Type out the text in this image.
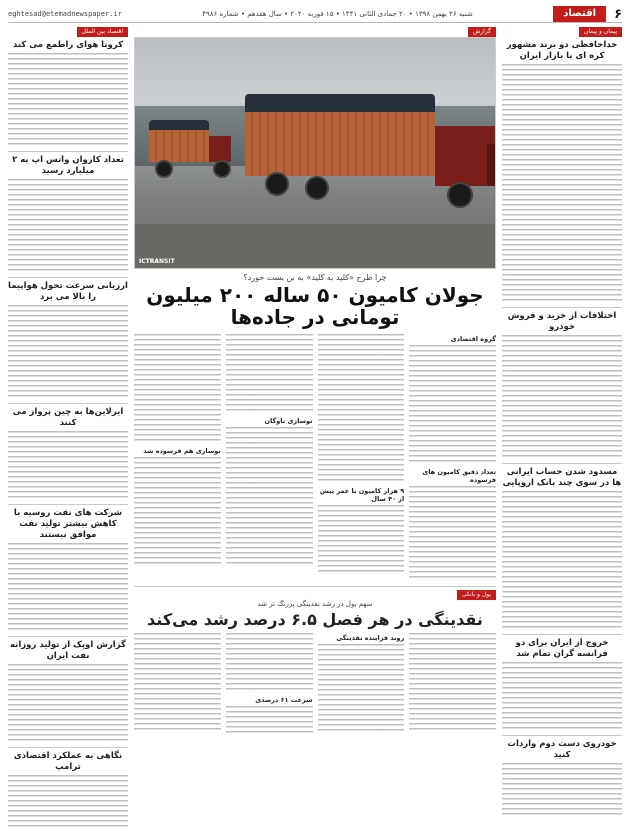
۶
اقتصاد
شنبه ۲۶ بهمن ۱۳۹۸ • ۲۰ جمادی الثانی ۱۴۴۱ • ۱۵ فوریه ۲۰۲۰ • سال هفدهم • شماره ۴۹۸۶
eghtesad@etemadnewspaper.ir
پیمان و پیمان
خداحافظی دو برند مشهور کره ای با بازار ایران
اختلافات از خرید و فروش خودرو
مسدود شدن حساب ایرانی ها در سوی چند بانک اروپایی
خروج از ایران برای دو فرانسه گران تمام شد
خودروی دست دوم واردات کنید
گزارش
ICTRANSIT
چرا طرح «کلید به کلید» به بن بست خورد؟
جولان کامیون ۵۰ ساله ۲۰۰ میلیون تومانی در جاده‌ها
گروه اقتصادی
تعداد دقیق کامیون های فرسوده
۹ هزار کامیون با عمر بیش از ۴۰ سال
نوسازی ناوگان
نوسازی هم فرسوده شد
پول و بانکی
سهم پول در رشد نقدینگی پررنگ تر شد
نقدینگی در هر فصل ۶.۵ درصد رشد می‌کند
روند فزاینده نقدینگی
سرعت ۶۱ درصدی
اقتصاد بین الملل
کرونا هوای راطمع می کند
تعداد کاروان واتس اپ به ۲ میلیارد رسید
ارزیابی سرعت تحول هواپیما را بالا می برد
ایرلاین‌ها به چین پرواز می کنند
شرکت های نفت روسیه با کاهش بیشتر تولید نفت موافق نیستند
گزارش اوپک از تولید روزانه نفت ایران
نگاهی به عملکرد اقتصادی ترامپ
